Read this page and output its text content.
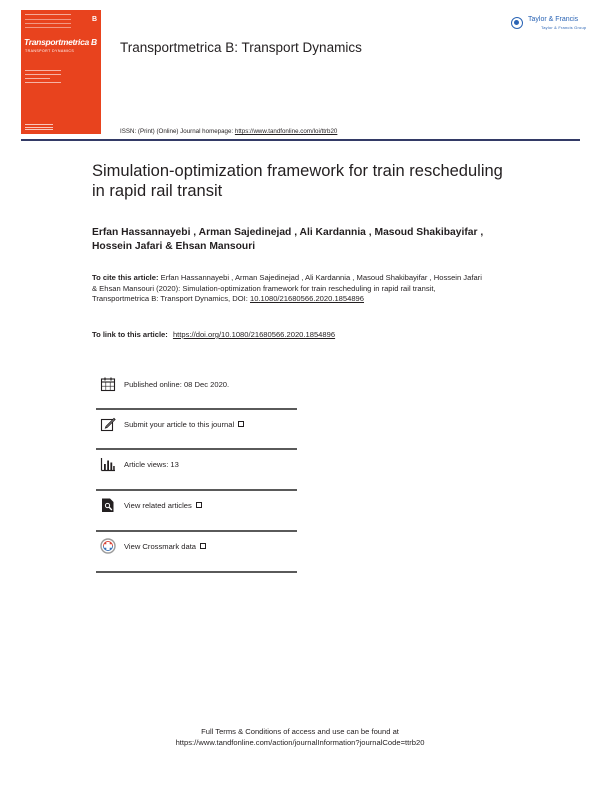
B
Transportmetrica B
TRANSPORT DYNAMICS	Transportmetrica B: Transport Dynamics
Taylor & Francis
Taylor & Francis Group
ISSN: (Print) (Online) Journal homepage: https://www.tandfonline.com/loi/ttrb20
Simulation-optimization framework for train rescheduling in rapid rail transit
Erfan Hassannayebi , Arman Sajedinejad , Ali Kardannia , Masoud Shakibayifar , Hossein Jafari & Ehsan Mansouri
To cite this article: Erfan Hassannayebi , Arman Sajedinejad , Ali Kardannia , Masoud Shakibayifar , Hossein Jafari & Ehsan Mansouri (2020): Simulation-optimization framework for train rescheduling in rapid rail transit, Transportmetrica B: Transport Dynamics, DOI: 10.1080/21680566.2020.1854896
To link to this article: https://doi.org/10.1080/21680566.2020.1854896
Published online: 08 Dec 2020.
Submit your article to this journal
Article views: 13
View related articles
View Crossmark data
Full Terms & Conditions of access and use can be found at
https://www.tandfonline.com/action/journalInformation?journalCode=ttrb20
